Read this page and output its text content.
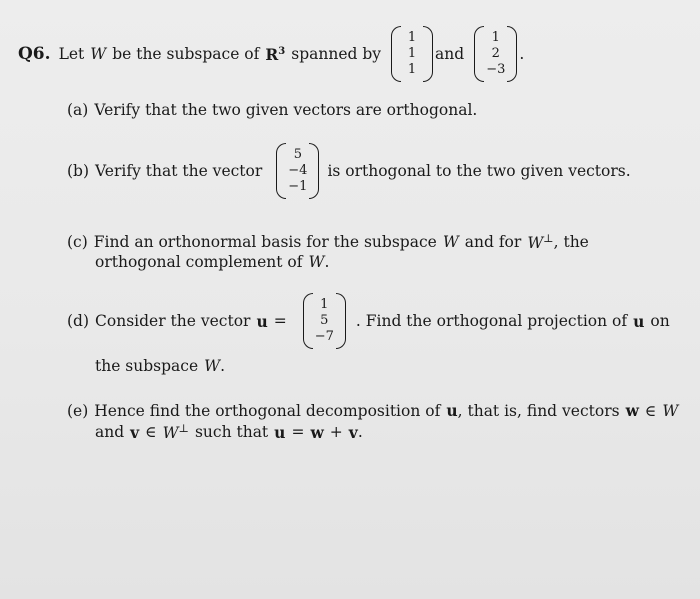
Q6. Let W be the subspace of $R^3$ spanned by
1
1
1
and
1
2
−3
.
(a) Verify that the two given vectors are orthogonal.
(b) Verify that the vector
5
−4
−1
is orthogonal to the two given vectors.
(c) Find an orthonormal basis for the subspace W and for W⊥ , the
orthogonal complement of W .
(d) Consider the vector u =
1
5
−7
. Find the orthogonal projection of u on
the subspace W .
(e) Hence find the orthogonal decomposition of u , that is, find vectors w ∈ W
and v ∈ W⊥ such that u = w + v .
